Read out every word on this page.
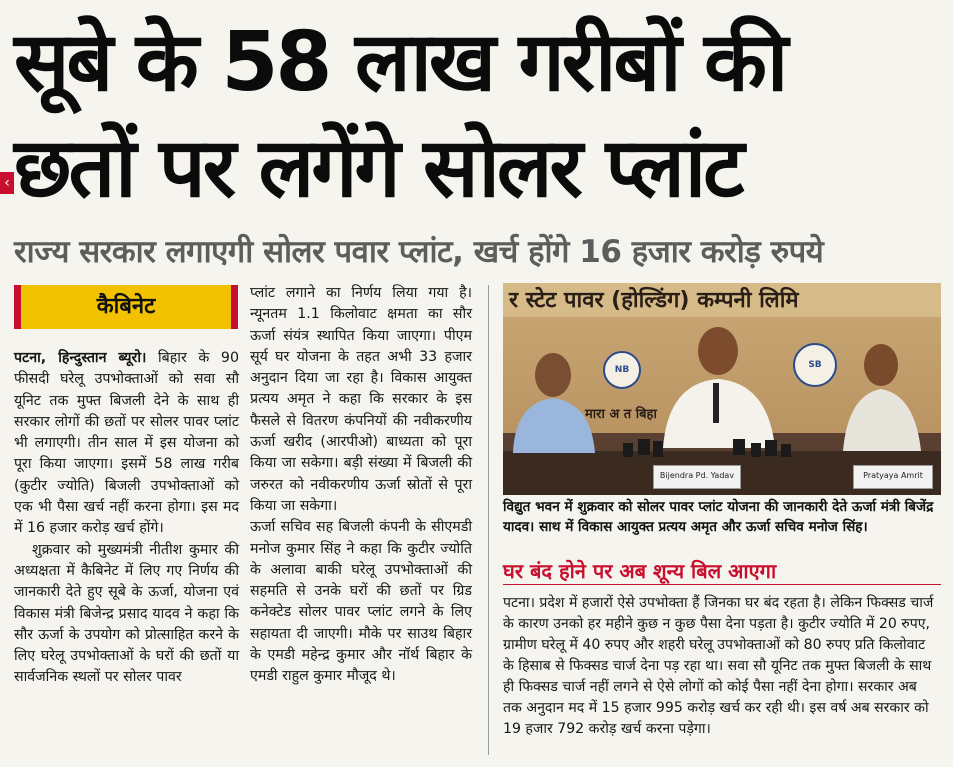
सूबे के 58 लाख गरीबों की
छतों पर लगेंगे सोलर प्लांट
‹
राज्य सरकार लगाएगी सोलर पवार प्लांट, खर्च होंगे 16 हजार करोड़ रुपये
कैबिनेट

पटना, हिन्दुस्तान ब्यूरो। बिहार के 90 फीसदी घरेलू उपभोक्ताओं को सवा सौ यूनिट तक मुफ्त बिजली देने के साथ ही सरकार लोगों की छतों पर सोलर पावर प्लांट भी लगाएगी। तीन साल में इस योजना को पूरा किया जाएगा। इसमें 58 लाख गरीब (कुटीर ज्योति) बिजली उपभोक्ताओं को एक भी पैसा खर्च नहीं करना होगा। इस मद में 16 हजार करोड़ खर्च होंगे।

शुक्रवार को मुख्यमंत्री नीतीश कुमार की अध्यक्षता में कैबिनेट में लिए गए निर्णय की जानकारी देते हुए सूबे के ऊर्जा, योजना एवं विकास मंत्री बिजेन्द्र प्रसाद यादव ने कहा कि सौर ऊर्जा के उपयोग को प्रोत्साहित करने के लिए घरेलू उपभोक्ताओं के घरों की छतों या सार्वजनिक स्थलों पर सोलर पावर

प्लांट लगाने का निर्णय लिया गया है। न्यूनतम 1.1 किलोवाट क्षमता का सौर ऊर्जा संयंत्र स्थापित किया जाएगा। पीएम सूर्य घर योजना के तहत अभी 33 हजार अनुदान दिया जा रहा है। विकास आयुक्त प्रत्यय अमृत ने कहा कि सरकार के इस फैसले से वितरण कंपनियों की नवीकरणीय ऊर्जा खरीद (आरपीओ) बाध्यता को पूरा किया जा सकेगा। बड़ी संख्या में बिजली की जरुरत को नवीकरणीय ऊर्जा स्रोतों से पूरा किया जा सकेगा।

ऊर्जा सचिव सह बिजली कंपनी के सीएमडी मनोज कुमार सिंह ने कहा कि कुटीर ज्योति के अलावा बाकी घरेलू उपभोक्ताओं की सहमति से उनके घरों की छतों पर ग्रिड कनेक्टेड सोलर पावर प्लांट लगने के लिए सहायता दी जाएगी। मौके पर साउथ बिहार के एमडी महेन्द्र कुमार और नॉर्थ बिहार के एमडी राहुल कुमार मौजूद थे।

र स्टेट पावर (होल्डिंग) कम्पनी लिमि
मारा अ त बिहा
NB	SB
Bijendra Pd. Yadav	Pratyaya Amrit
विद्युत भवन में शुक्रवार को सोलर पावर प्लांट योजना की जानकारी देते ऊर्जा मंत्री बिजेंद्र यादव। साथ में विकास आयुक्त प्रत्यय अमृत और ऊर्जा सचिव मनोज सिंह।
घर बंद होने पर अब शून्य बिल आएगा
पटना। प्रदेश में हजारों ऐसे उपभोक्ता हैं जिनका घर बंद रहता है। लेकिन फिक्सड चार्ज के कारण उनको हर महीने कुछ न कुछ पैसा देना पड़ता है। कुटीर ज्योति में 20 रुपए, ग्रामीण घरेलू में 40 रुपए और शहरी घरेलू उपभोक्ताओं को 80 रुपए प्रति किलोवाट के हिसाब से फिक्सड चार्ज देना पड़ रहा था। सवा सौ यूनिट तक मुफ्त बिजली के साथ ही फिक्सड चार्ज नहीं लगने से ऐसे लोगों को कोई पैसा नहीं देना होगा। सरकार अब तक अनुदान मद में 15 हजार 995 करोड़ खर्च कर रही थी। इस वर्ष अब सरकार को 19 हजार 792 करोड़ खर्च करना पड़ेगा।
